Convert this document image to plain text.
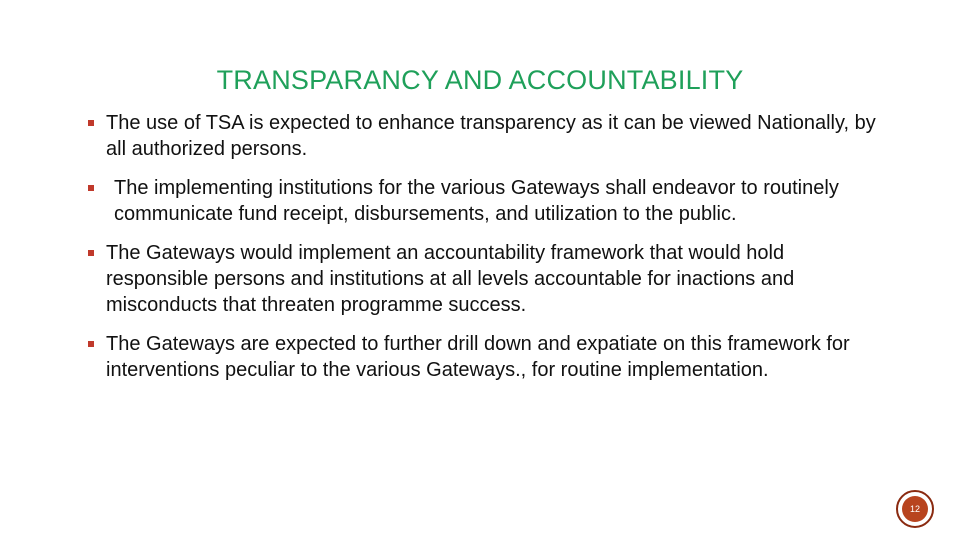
TRANSPARANCY AND ACCOUNTABILITY
The use of TSA is expected to enhance transparency as it can be viewed Nationally, by all authorized persons.
The implementing institutions for the various Gateways shall endeavor to routinely communicate fund receipt, disbursements, and utilization to the public.
The Gateways would implement an accountability framework that would hold responsible persons and institutions at all levels accountable for inactions and misconducts that threaten programme success.
The Gateways are expected to further drill down and expatiate on this framework for interventions peculiar to the various Gateways., for routine implementation.
12
